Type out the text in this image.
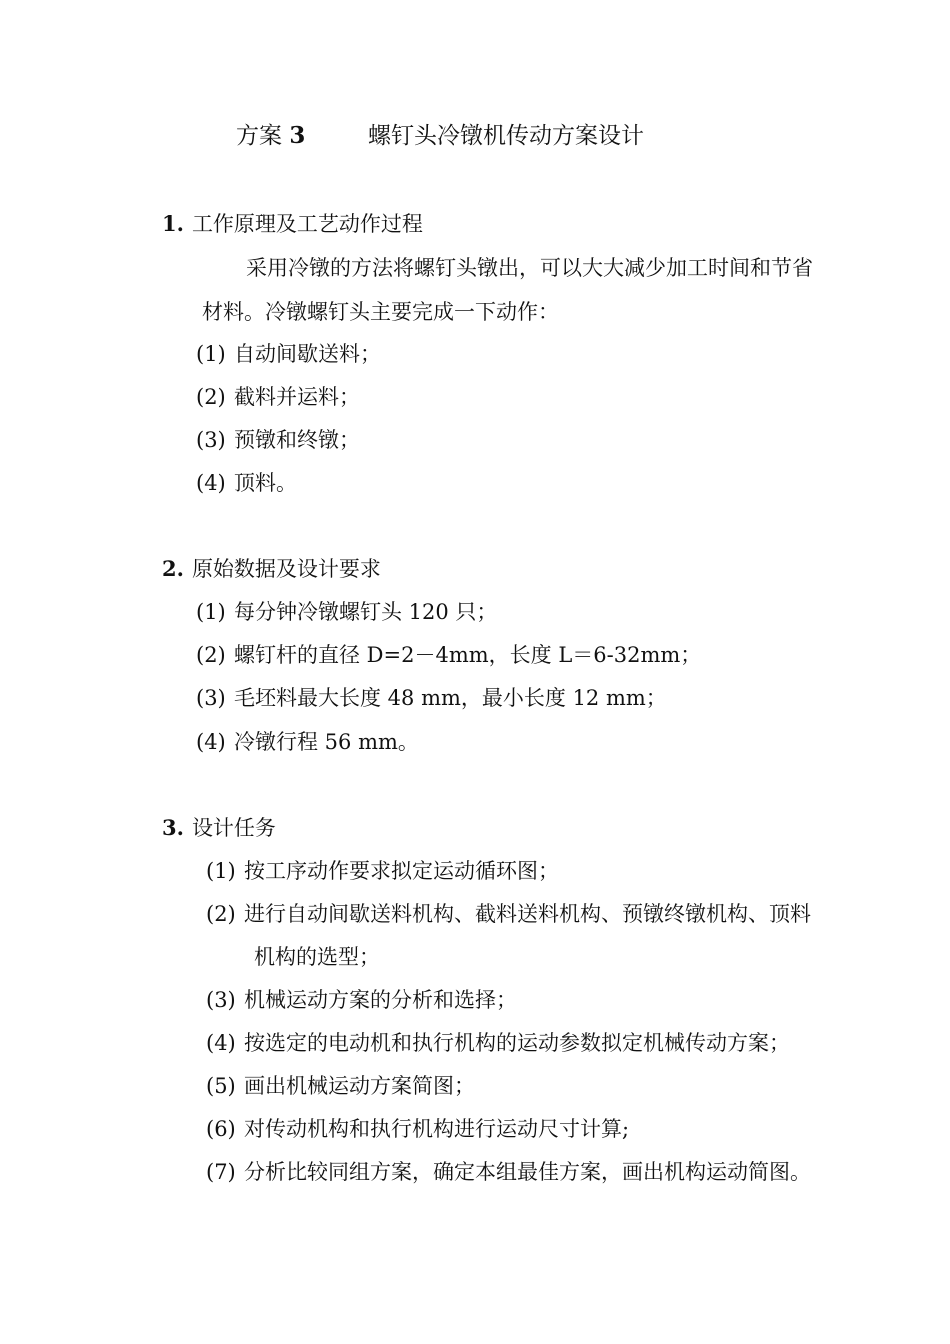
方案 3	螺钉头冷镦机传动方案设计
1. 工作原理及工艺动作过程
采用冷镦的方法将螺钉头镦出，可以大大减少加工时间和节省
材料。冷镦螺钉头主要完成一下动作：
(1) 自动间歇送料；
(2) 截料并运料；
(3) 预镦和终镦；
(4) 顶料。
2. 原始数据及设计要求
(1) 每分钟冷镦螺钉头 120 只；
(2) 螺钉杆的直径 D=2－4mm，长度 L＝6-32mm；
(3) 毛坯料最大长度 48 mm，最小长度 12 mm；
(4) 冷镦行程 56 mm。
3. 设计任务
(1) 按工序动作要求拟定运动循环图；
(2) 进行自动间歇送料机构、截料送料机构、预镦终镦机构、顶料
机构的选型；
(3) 机械运动方案的分析和选择；
(4) 按选定的电动机和执行机构的运动参数拟定机械传动方案；
(5) 画出机械运动方案简图；
(6) 对传动机构和执行机构进行运动尺寸计算;
(7) 分析比较同组方案，确定本组最佳方案，画出机构运动简图。
